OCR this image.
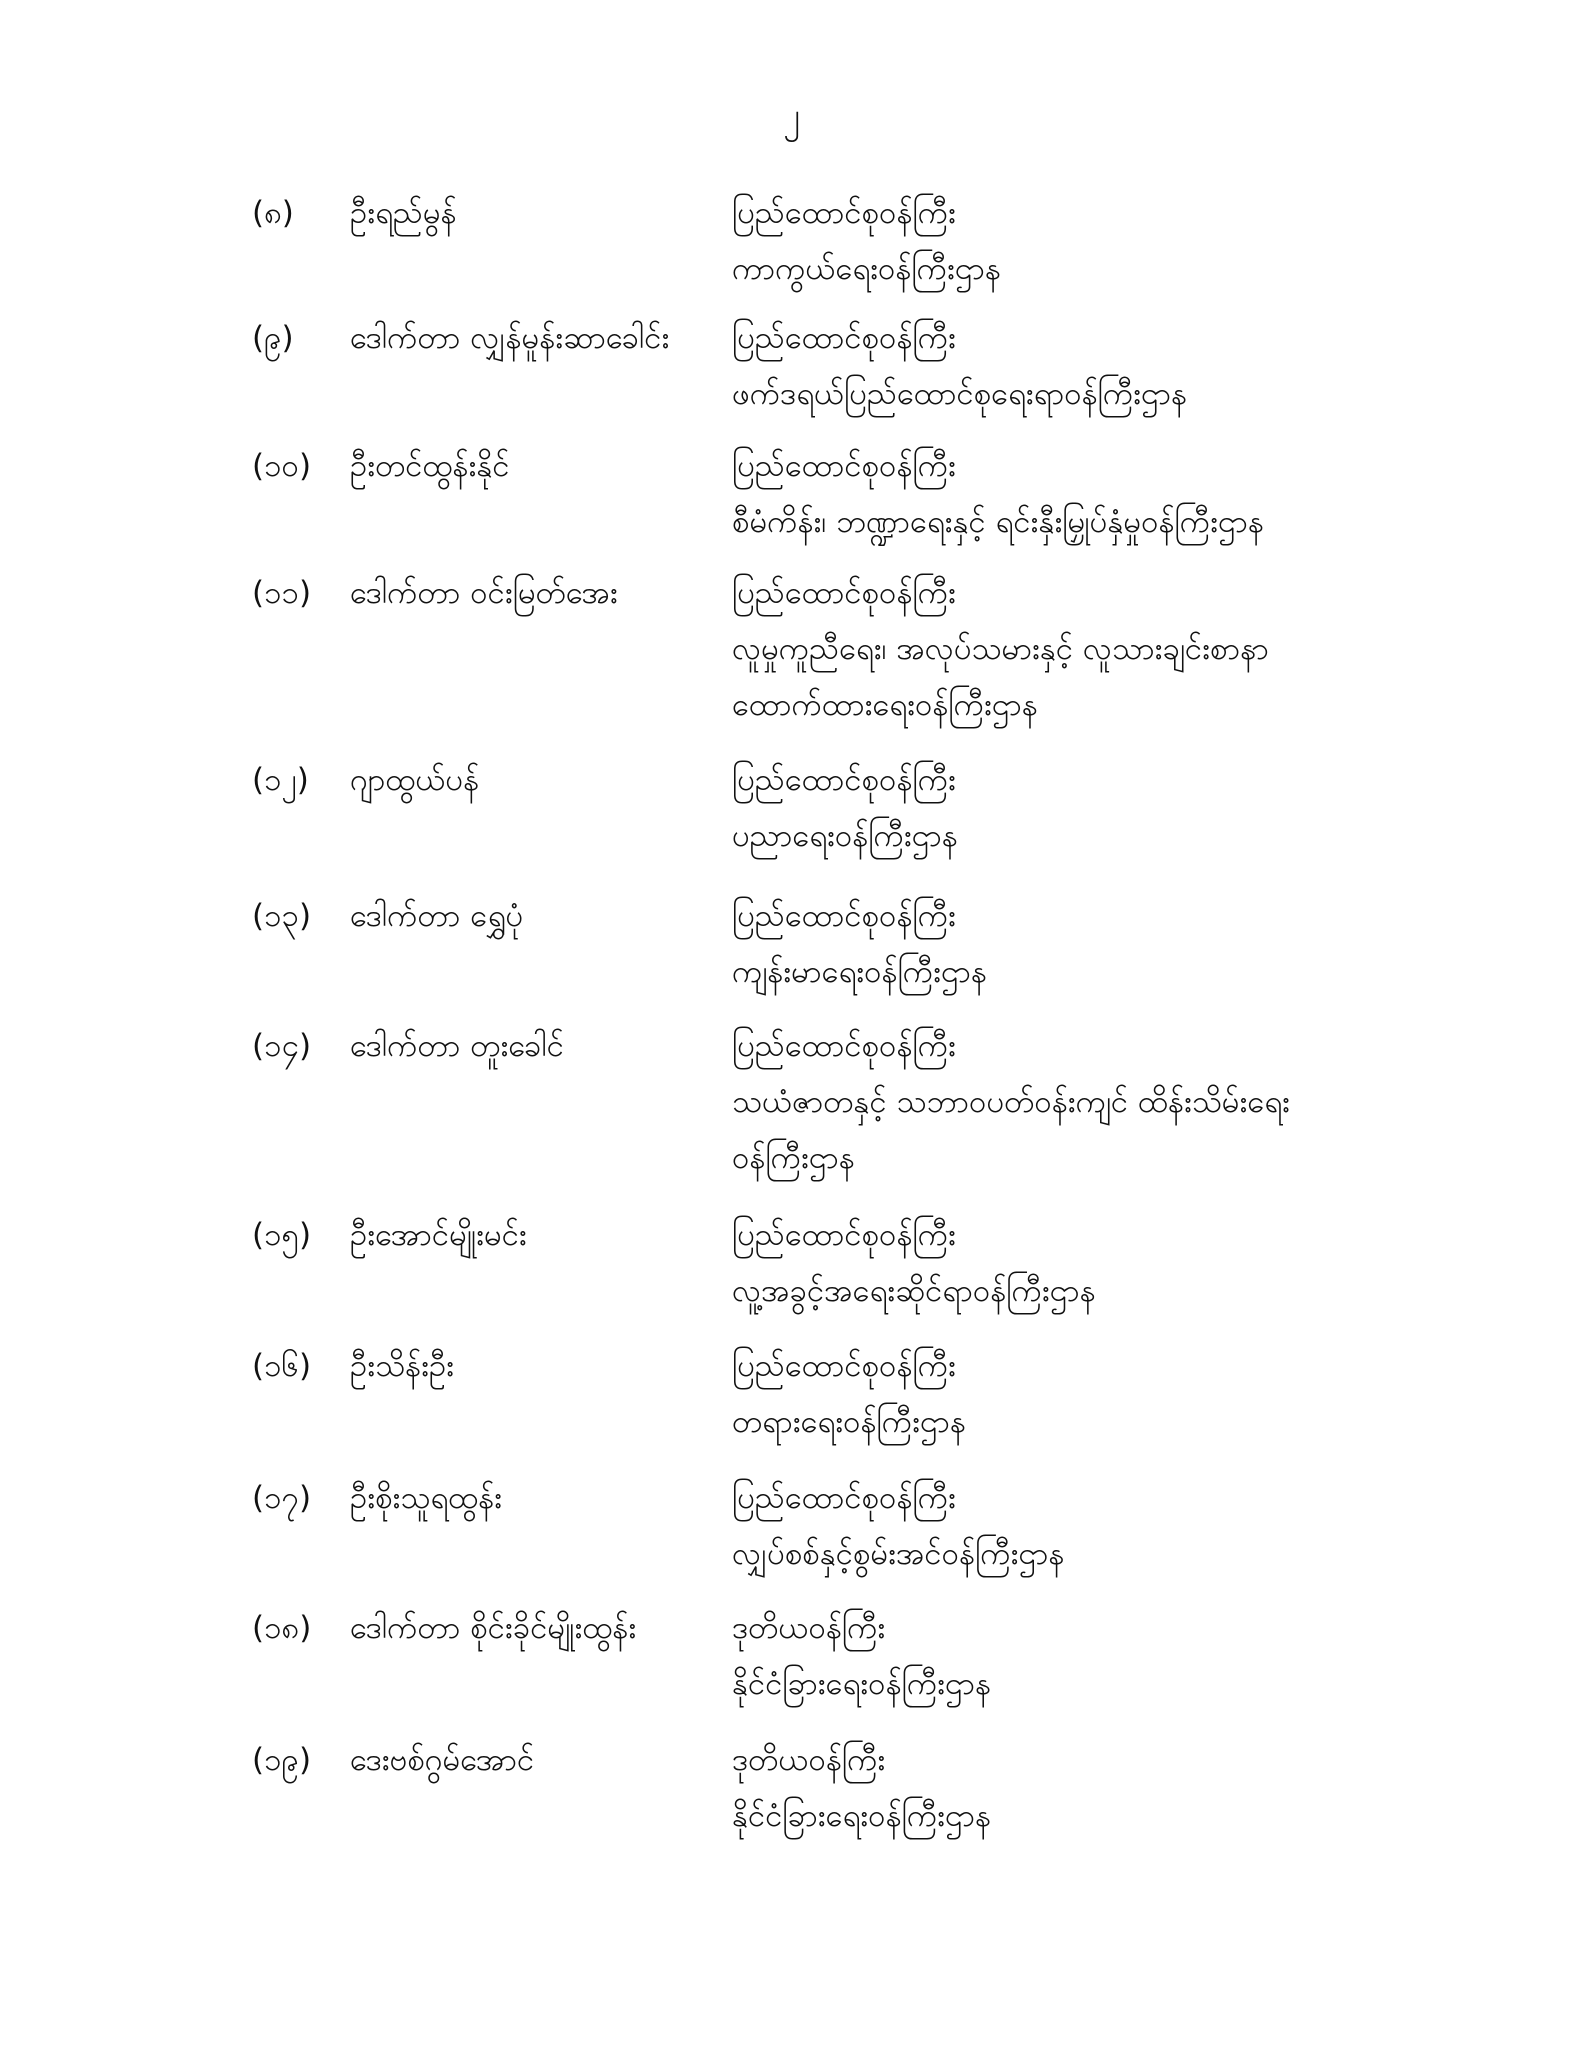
၂
(၈) ဦးရည်မွန်	ပြည်ထောင်စုဝန်ကြီး
ကာကွယ်ရေးဝန်ကြီးဌာန
(၉) ဒေါက်တာ လျှန်မူန်းဆာခေါင်း ပြည်ထောင်စုဝန်ကြီး
ဖက်ဒရယ်ပြည်ထောင်စုရေးရာဝန်ကြီးဌာန
(၁၀) ဦးတင်ထွန်းနိုင်	ပြည်ထောင်စုဝန်ကြီး
စီမံကိန်း၊ ဘဏ္ဍာရေးနှင့် ရင်းနှီးမြှုပ်နှံမှုဝန်ကြီးဌာန
(၁၁) ဒေါက်တာ ဝင်းမြတ်အေး	ပြည်ထောင်စုဝန်ကြီး
လူမှုကူညီရေး၊ အလုပ်သမားနှင့် လူသားချင်းစာနာ
ထောက်ထားရေးဝန်ကြီးဌာန
(၁၂) ဂျာထွယ်ပန်	ပြည်ထောင်စုဝန်ကြီး
ပညာရေးဝန်ကြီးဌာန
(၁၃) ဒေါက်တာ ရွှေပုံ	ပြည်ထောင်စုဝန်ကြီး
ကျန်းမာရေးဝန်ကြီးဌာန
(၁၄) ဒေါက်တာ တူးခေါင်	ပြည်ထောင်စုဝန်ကြီး
သယံဇာတနှင့် သဘာဝပတ်ဝန်းကျင် ထိန်းသိမ်းရေး
ဝန်ကြီးဌာန
(၁၅) ဦးအောင်မျိုးမင်း	ပြည်ထောင်စုဝန်ကြီး
လူ့အခွင့်အရေးဆိုင်ရာဝန်ကြီးဌာန
(၁၆) ဦးသိန်းဦး	ပြည်ထောင်စုဝန်ကြီး
တရားရေးဝန်ကြီးဌာန
(၁၇) ဦးစိုးသူရထွန်း	ပြည်ထောင်စုဝန်ကြီး
လျှပ်စစ်နှင့်စွမ်းအင်ဝန်ကြီးဌာန
(၁၈) ဒေါက်တာ စိုင်းခိုင်မျိုးထွန်း	ဒုတိယဝန်ကြီး
နိုင်ငံခြားရေးဝန်ကြီးဌာန
(၁၉) ဒေးဗစ်ဂွမ်အောင်	ဒုတိယဝန်ကြီး
နိုင်ငံခြားရေးဝန်ကြီးဌာန
